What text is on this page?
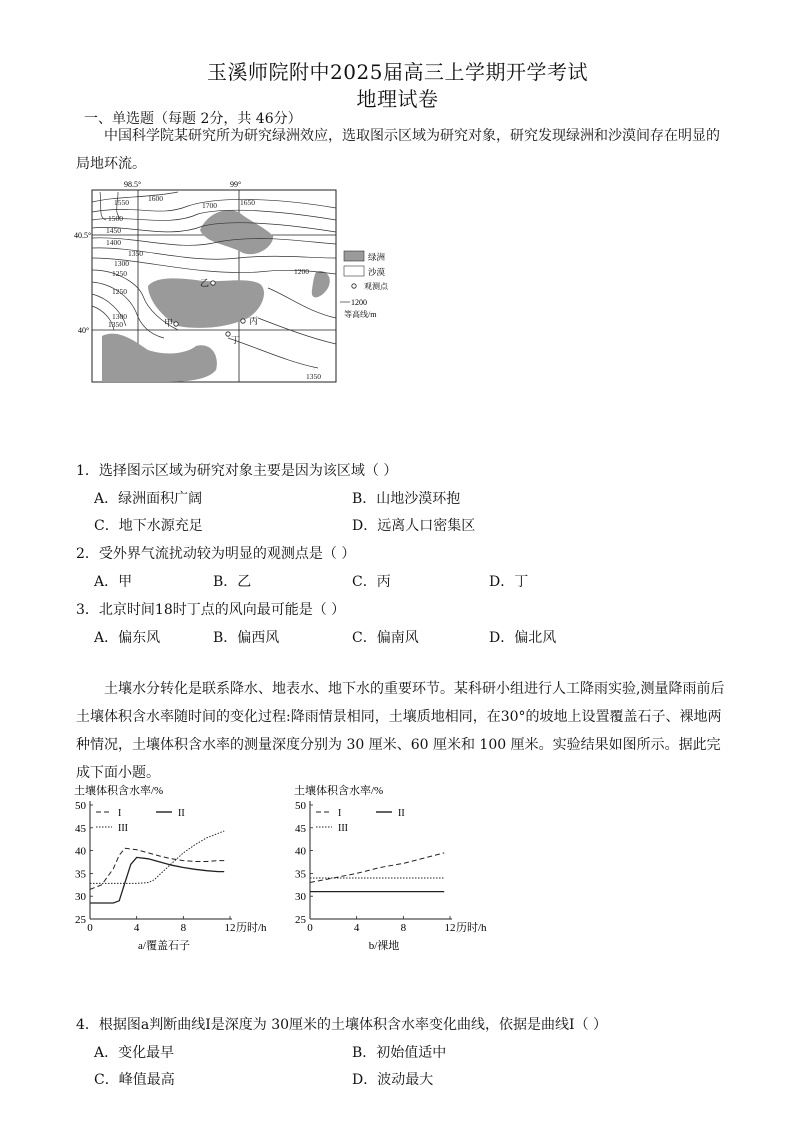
玉溪师院附中2025届高三上学期开学考试
地理试卷
一、单选题（每题 2分，共 46分）
中国科学院某研究所为研究绿洲效应，选取图示区域为研究对象，研究发现绿洲和沙漠间存在明显的局地环流。
98.5°	99°
40.5°
40°
1500
1550	1600
1700	1650
1450
1400
1350
1300
1250	1200
1250
1300
1350
1350
乙
甲
丁
丙
绿洲
沙漠
观测点
1200
等高线/m
1．选择图示区域为研究对象主要是因为该区域（ ）
A．绿洲面积广阔	B．山地沙漠环抱
C．地下水源充足	D．远离人口密集区
2．受外界气流扰动较为明显的观测点是（ ）
A．甲	B．乙	C．丙	D．丁
3．北京时间18时丁点的风向最可能是（ ）
A．偏东风	B．偏西风	C．偏南风	D．偏北风
土壤水分转化是联系降水、地表水、地下水的重要环节。某科研小组进行人工降雨实验,测量降雨前后土壤体积含水率随时间的变化过程:降雨情景相同，土壤质地相同，在30°的坡地上设置覆盖石子、裸地两种情况，土壤体积含水率的测量深度分别为 30 厘米、60 厘米和 100 厘米。实验结果如图所示。据此完成下面小题。
土壤体积含水率/%
25
30
35
40
45
50
0	4	8	12 历时/h
a/覆盖石子
I	II
III
土壤体积含水率/%
25
30
35
40
45
50
0	4	8	12 历时/h
b/裸地
I	II
III
4．根据图a判断曲线Ⅰ是深度为 30厘米的土壤体积含水率变化曲线，依据是曲线Ⅰ（ ）
A．变化最早	B．初始值适中
C．峰值最高	D．波动最大
